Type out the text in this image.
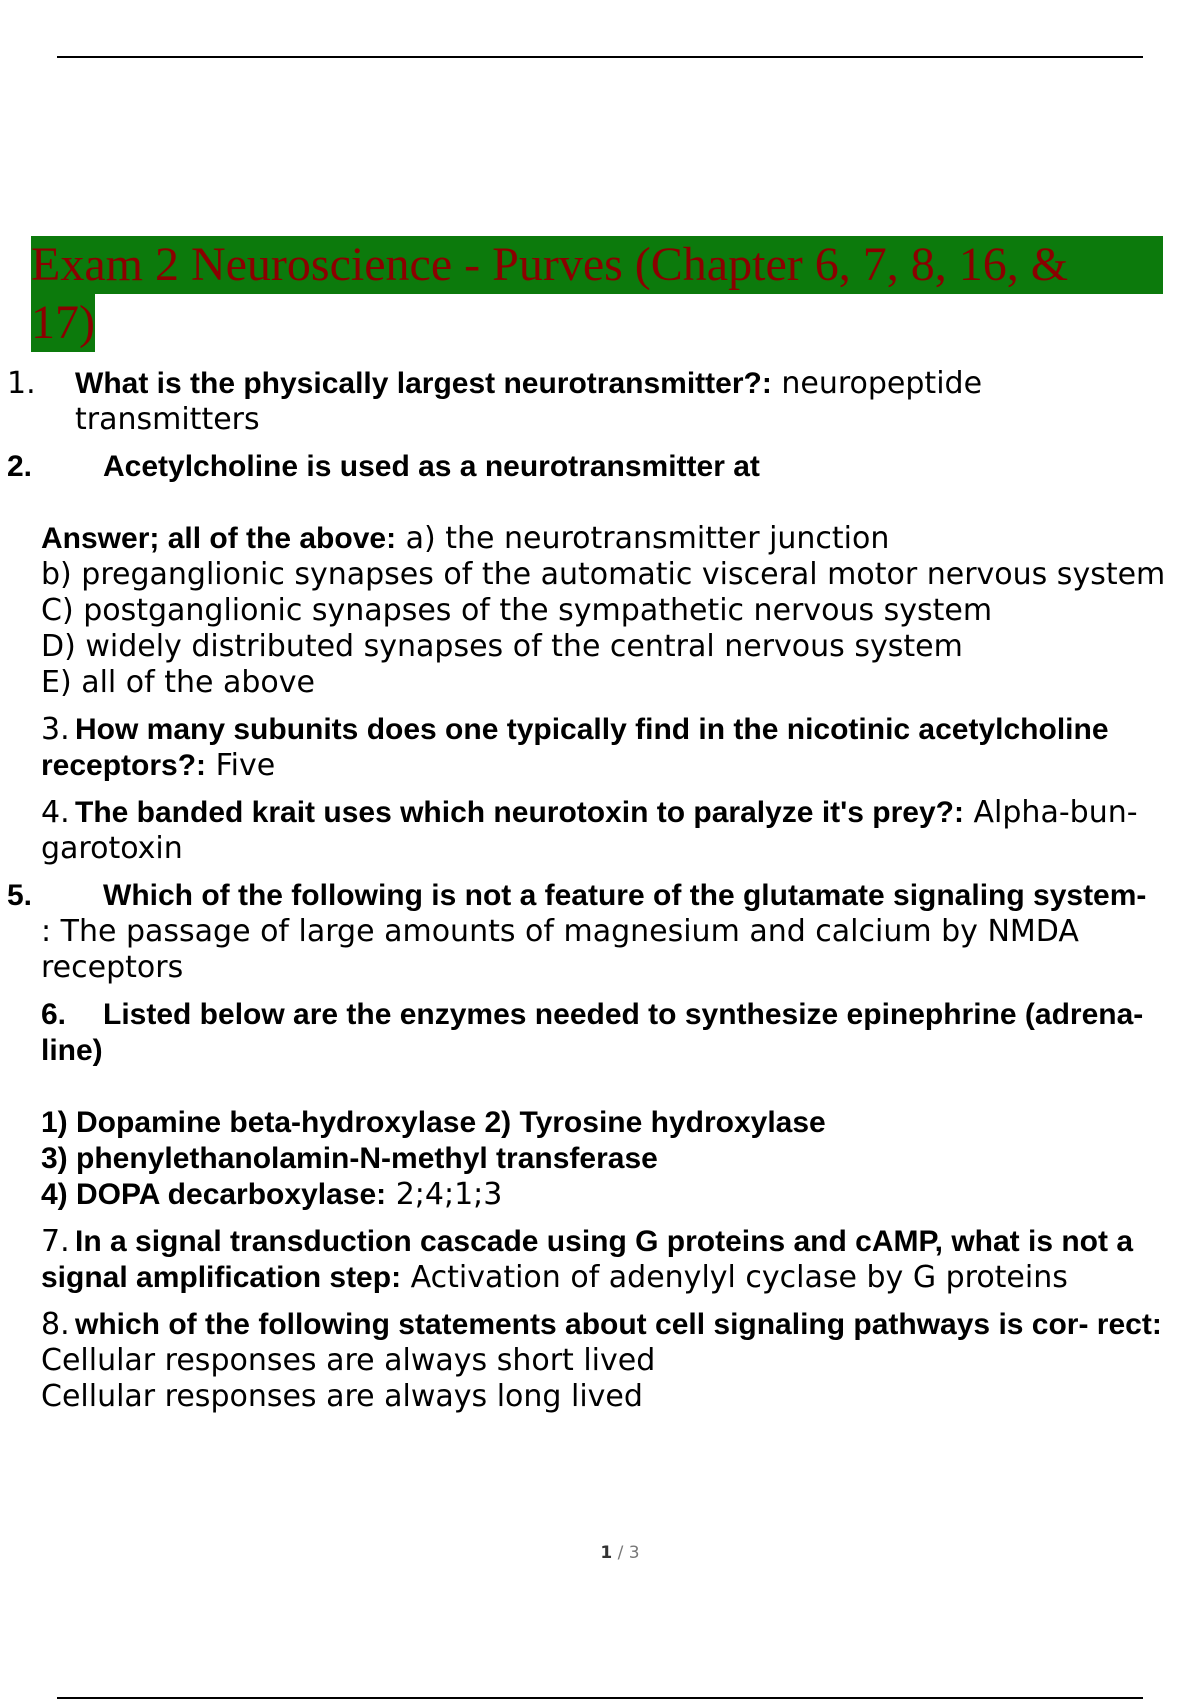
Exam 2 Neuroscience - Purves (Chapter 6, 7, 8, 16, &
17)
1. What is the physically largest neurotransmitter?: neuropeptide transmitters

2. Acetylcholine is used as a neurotransmitter at

Answer; all of the above: a) the neurotransmitter junction

b) preganglionic synapses of the automatic visceral motor nervous system

C) postganglionic synapses of the sympathetic nervous system

D) widely distributed synapses of the central nervous system

E) all of the above

3. How many subunits does one typically find in the nicotinic acetylcholine receptors?: Five
4. The banded krait uses which neurotoxin to paralyze it's prey?: Alpha-bun- garotoxin

5. Which of the following is not a feature of the glutamate signaling system-

: The passage of large amounts of magnesium and calcium by NMDA receptors

6. Listed below are the enzymes needed to synthesize epinephrine (adrena- line)

1) Dopamine beta-hydroxylase 2) Tyrosine hydroxylase

3) phenylethanolamin-N-methyl transferase

4) DOPA decarboxylase: 2;4;1;3

7. In a signal transduction cascade using G proteins and cAMP, what is not a signal amplification step: Activation of adenylyl cyclase by G proteins
8. which of the following statements about cell signaling pathways is cor- rect: Cellular responses are always short lived

Cellular responses are always long lived

1 / 3
